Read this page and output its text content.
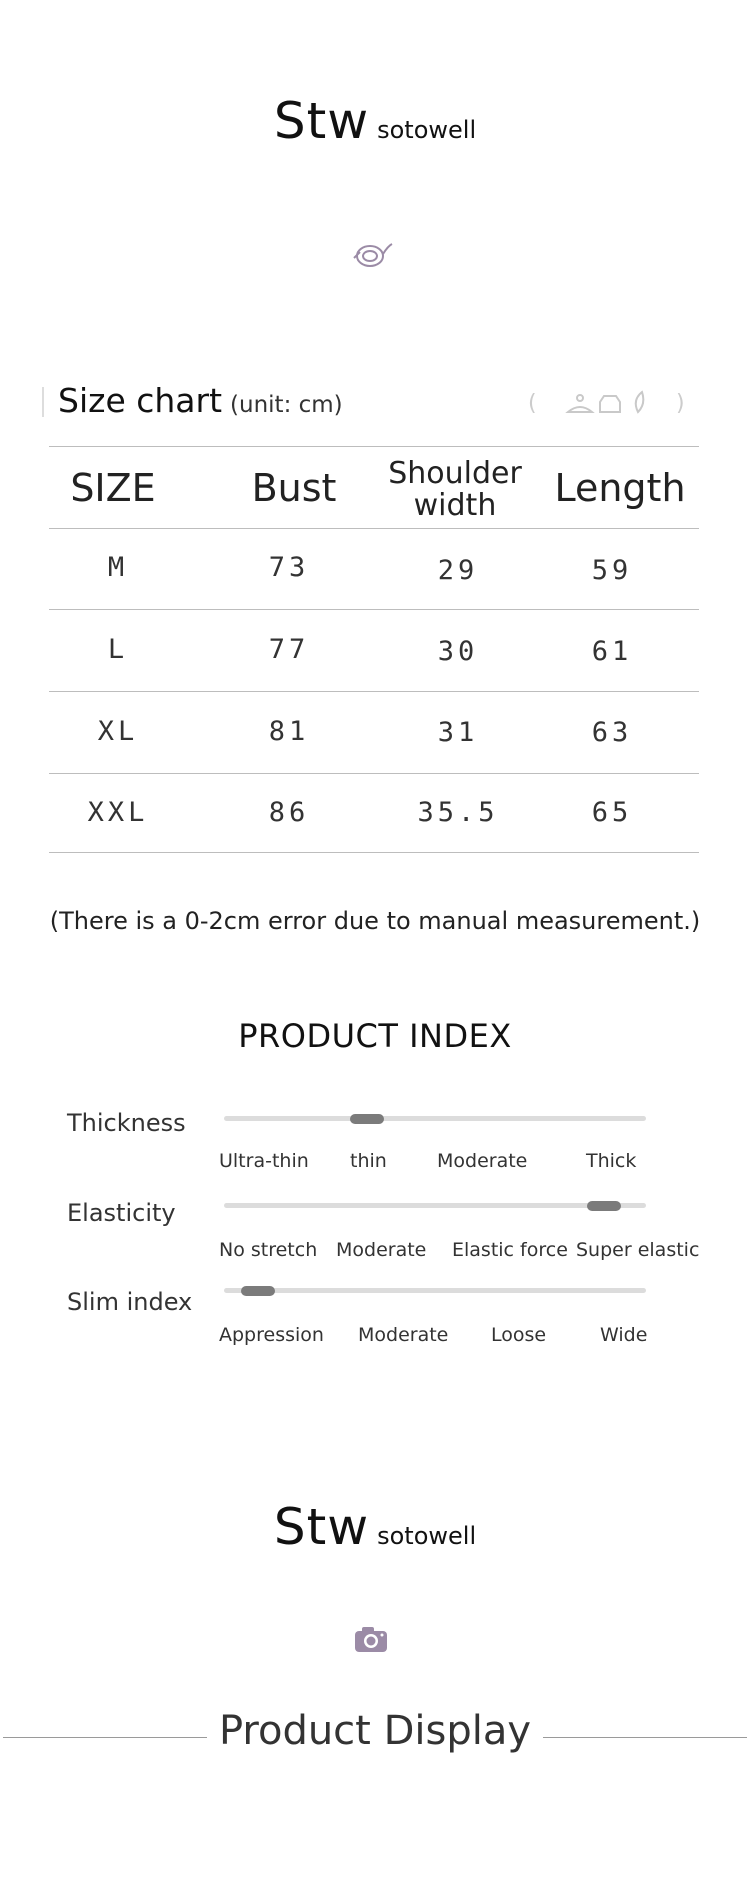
Stw sotowell
Size chart (unit: cm)	(	)
SIZE	Bust	Shoulder width	Length
M	73	29	59
L	77	30	61
XL	81	31	63
XXL	86	35.5	65
(There is a 0-2cm error due to manual measurement.)
PRODUCT INDEX
Thickness
Ultra-thin thin	Moderate	Thick
Elasticity
No stretch Moderate Elastic force Super elastic
Slim index
Appression Moderate Loose	Wide
Stw sotowell
Product Display
